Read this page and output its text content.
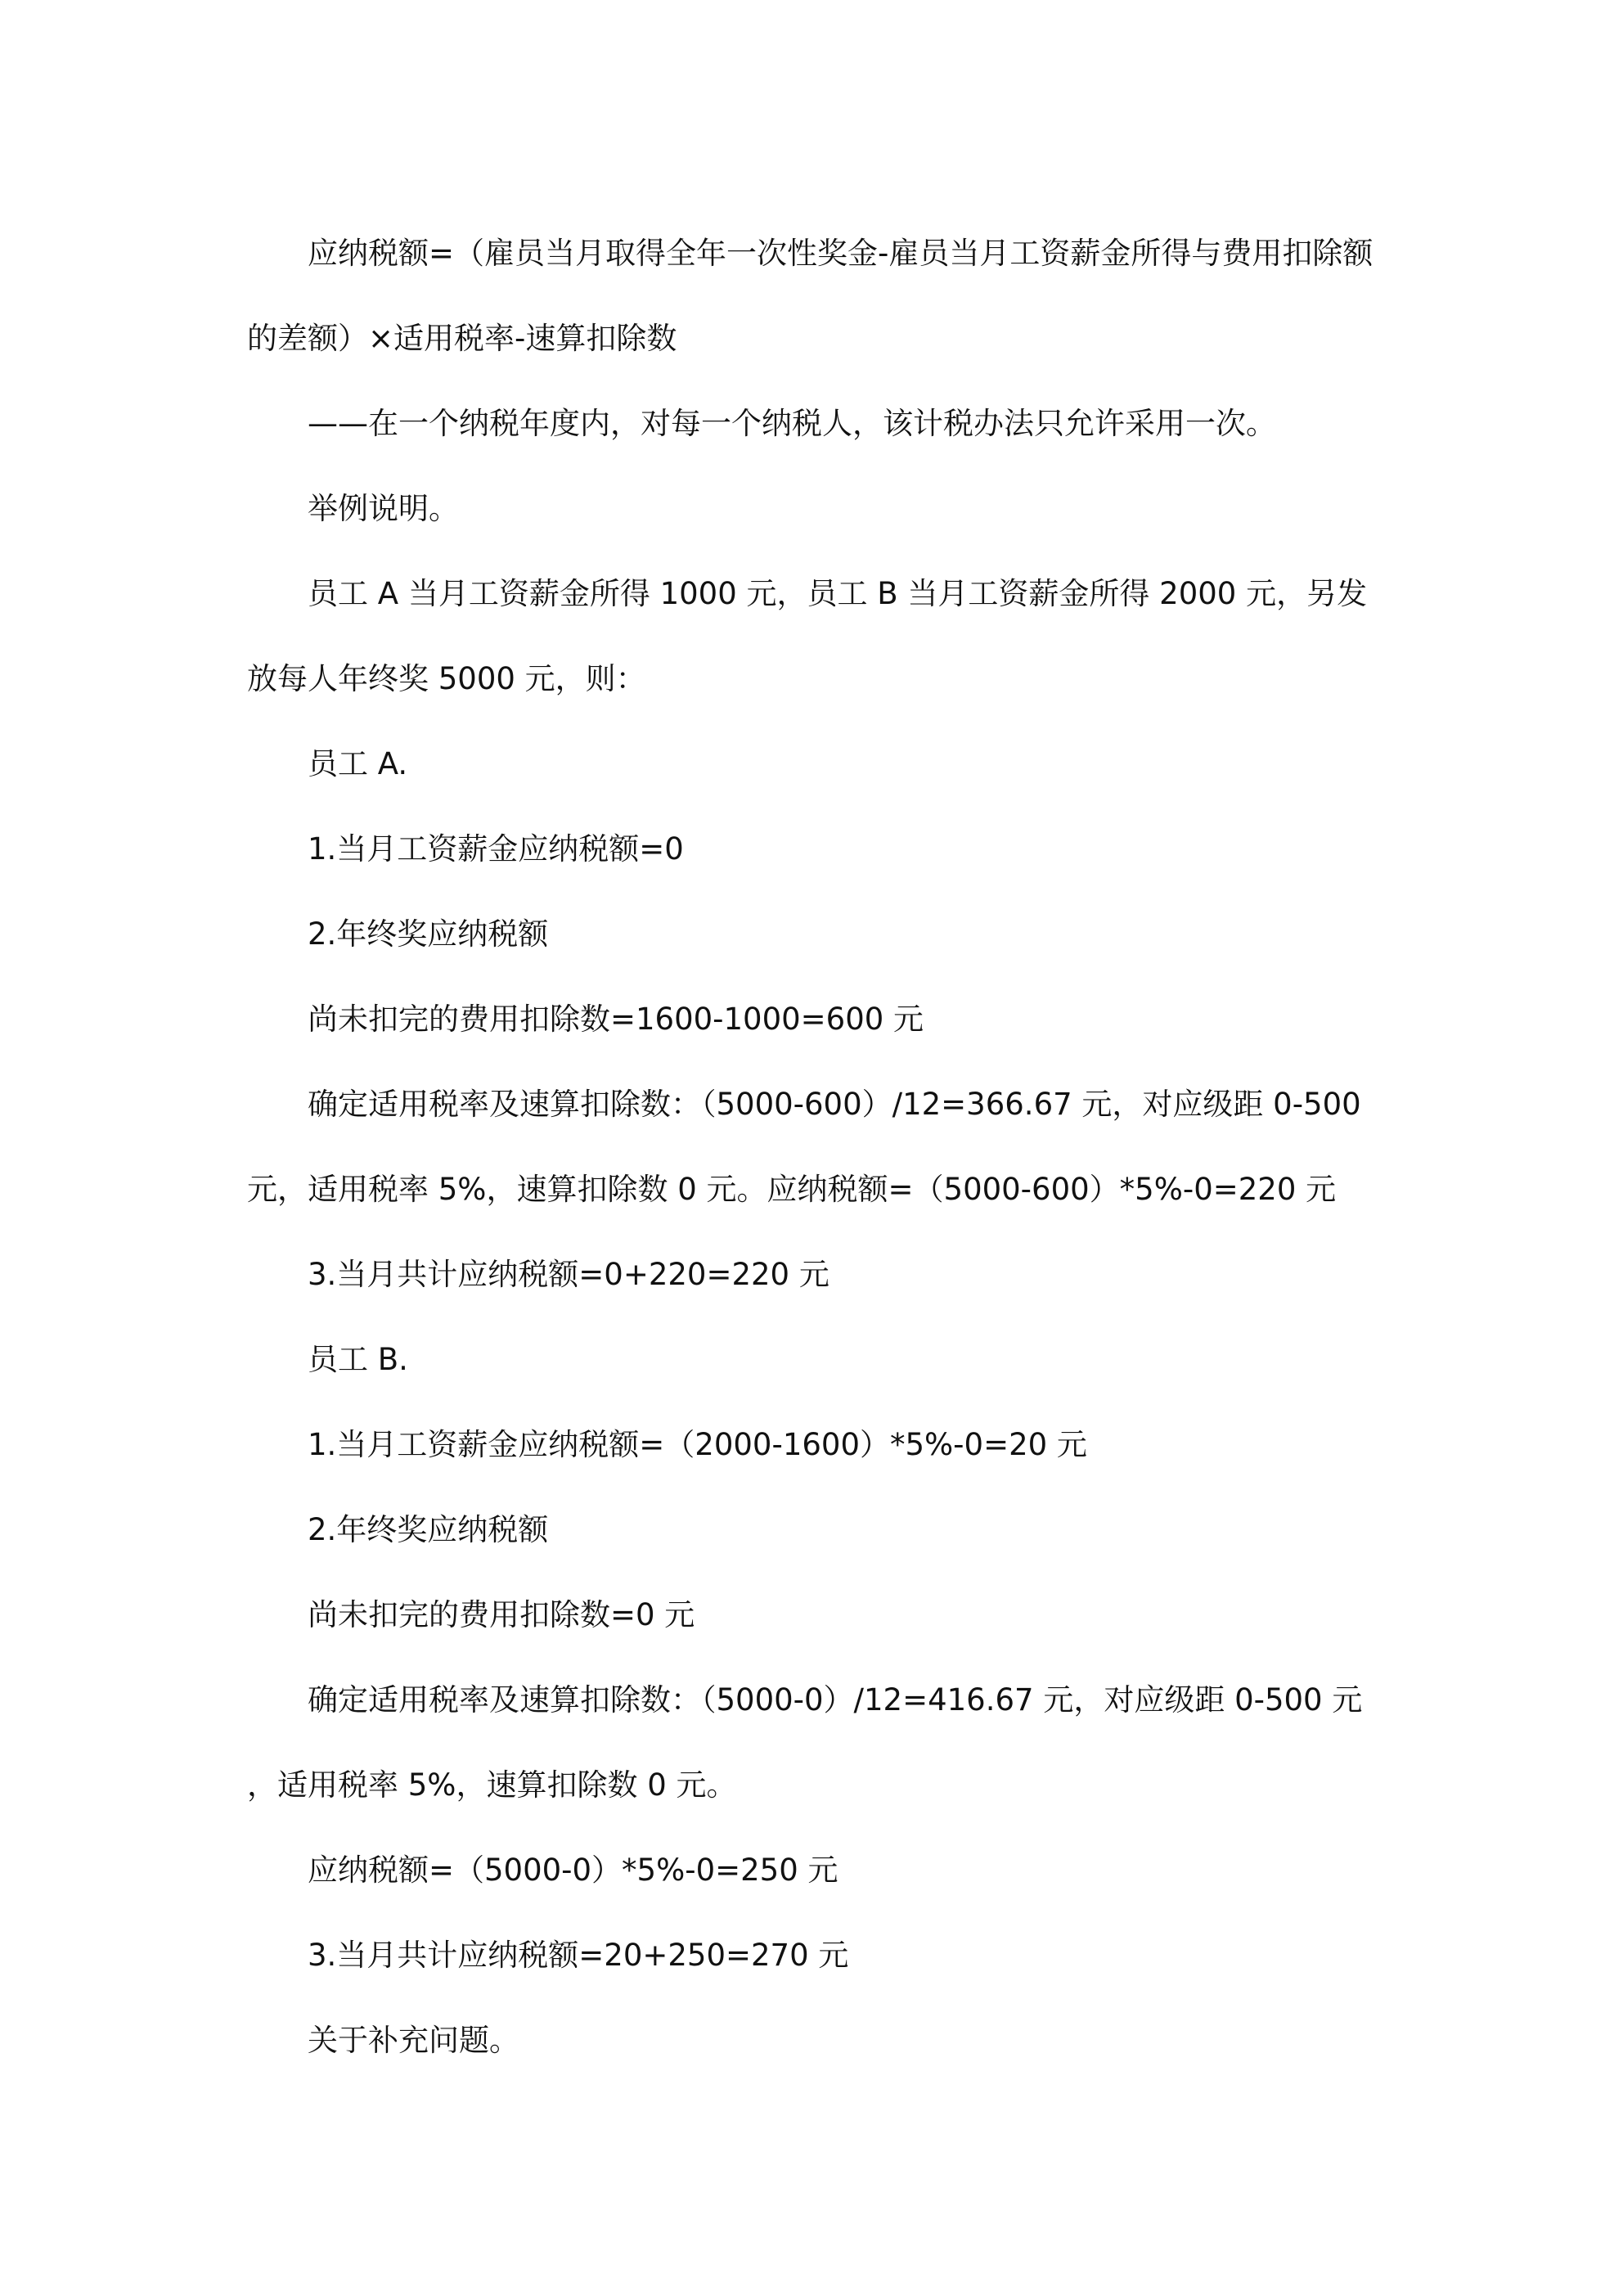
应纳税额=（雇员当月取得全年一次性奖金-雇员当月工资薪金所得与费用扣除额的差额）×适用税率-速算扣除数

——在一个纳税年度内，对每一个纳税人，该计税办法只允许采用一次。

举例说明。

员工 A 当月工资薪金所得 1000 元，员工 B 当月工资薪金所得 2000 元，另发放每人年终奖 5000 元，则：

员工 A.

1.当月工资薪金应纳税额=0

2.年终奖应纳税额

尚未扣完的费用扣除数=1600-1000=600 元

确定适用税率及速算扣除数：（5000-600）/12=366.67 元，对应级距 0-500 元，适用税率 5%，速算扣除数 0 元。应纳税额=（5000-600）*5%-0=220 元

3.当月共计应纳税额=0+220=220 元

员工 B.

1.当月工资薪金应纳税额=（2000-1600）*5%-0=20 元

2.年终奖应纳税额

尚未扣完的费用扣除数=0 元

确定适用税率及速算扣除数：（5000-0）/12=416.67 元，对应级距 0-500 元，适用税率 5%，速算扣除数 0 元。

应纳税额=（5000-0）*5%-0=250 元

3.当月共计应纳税额=20+250=270 元

关于补充问题。
